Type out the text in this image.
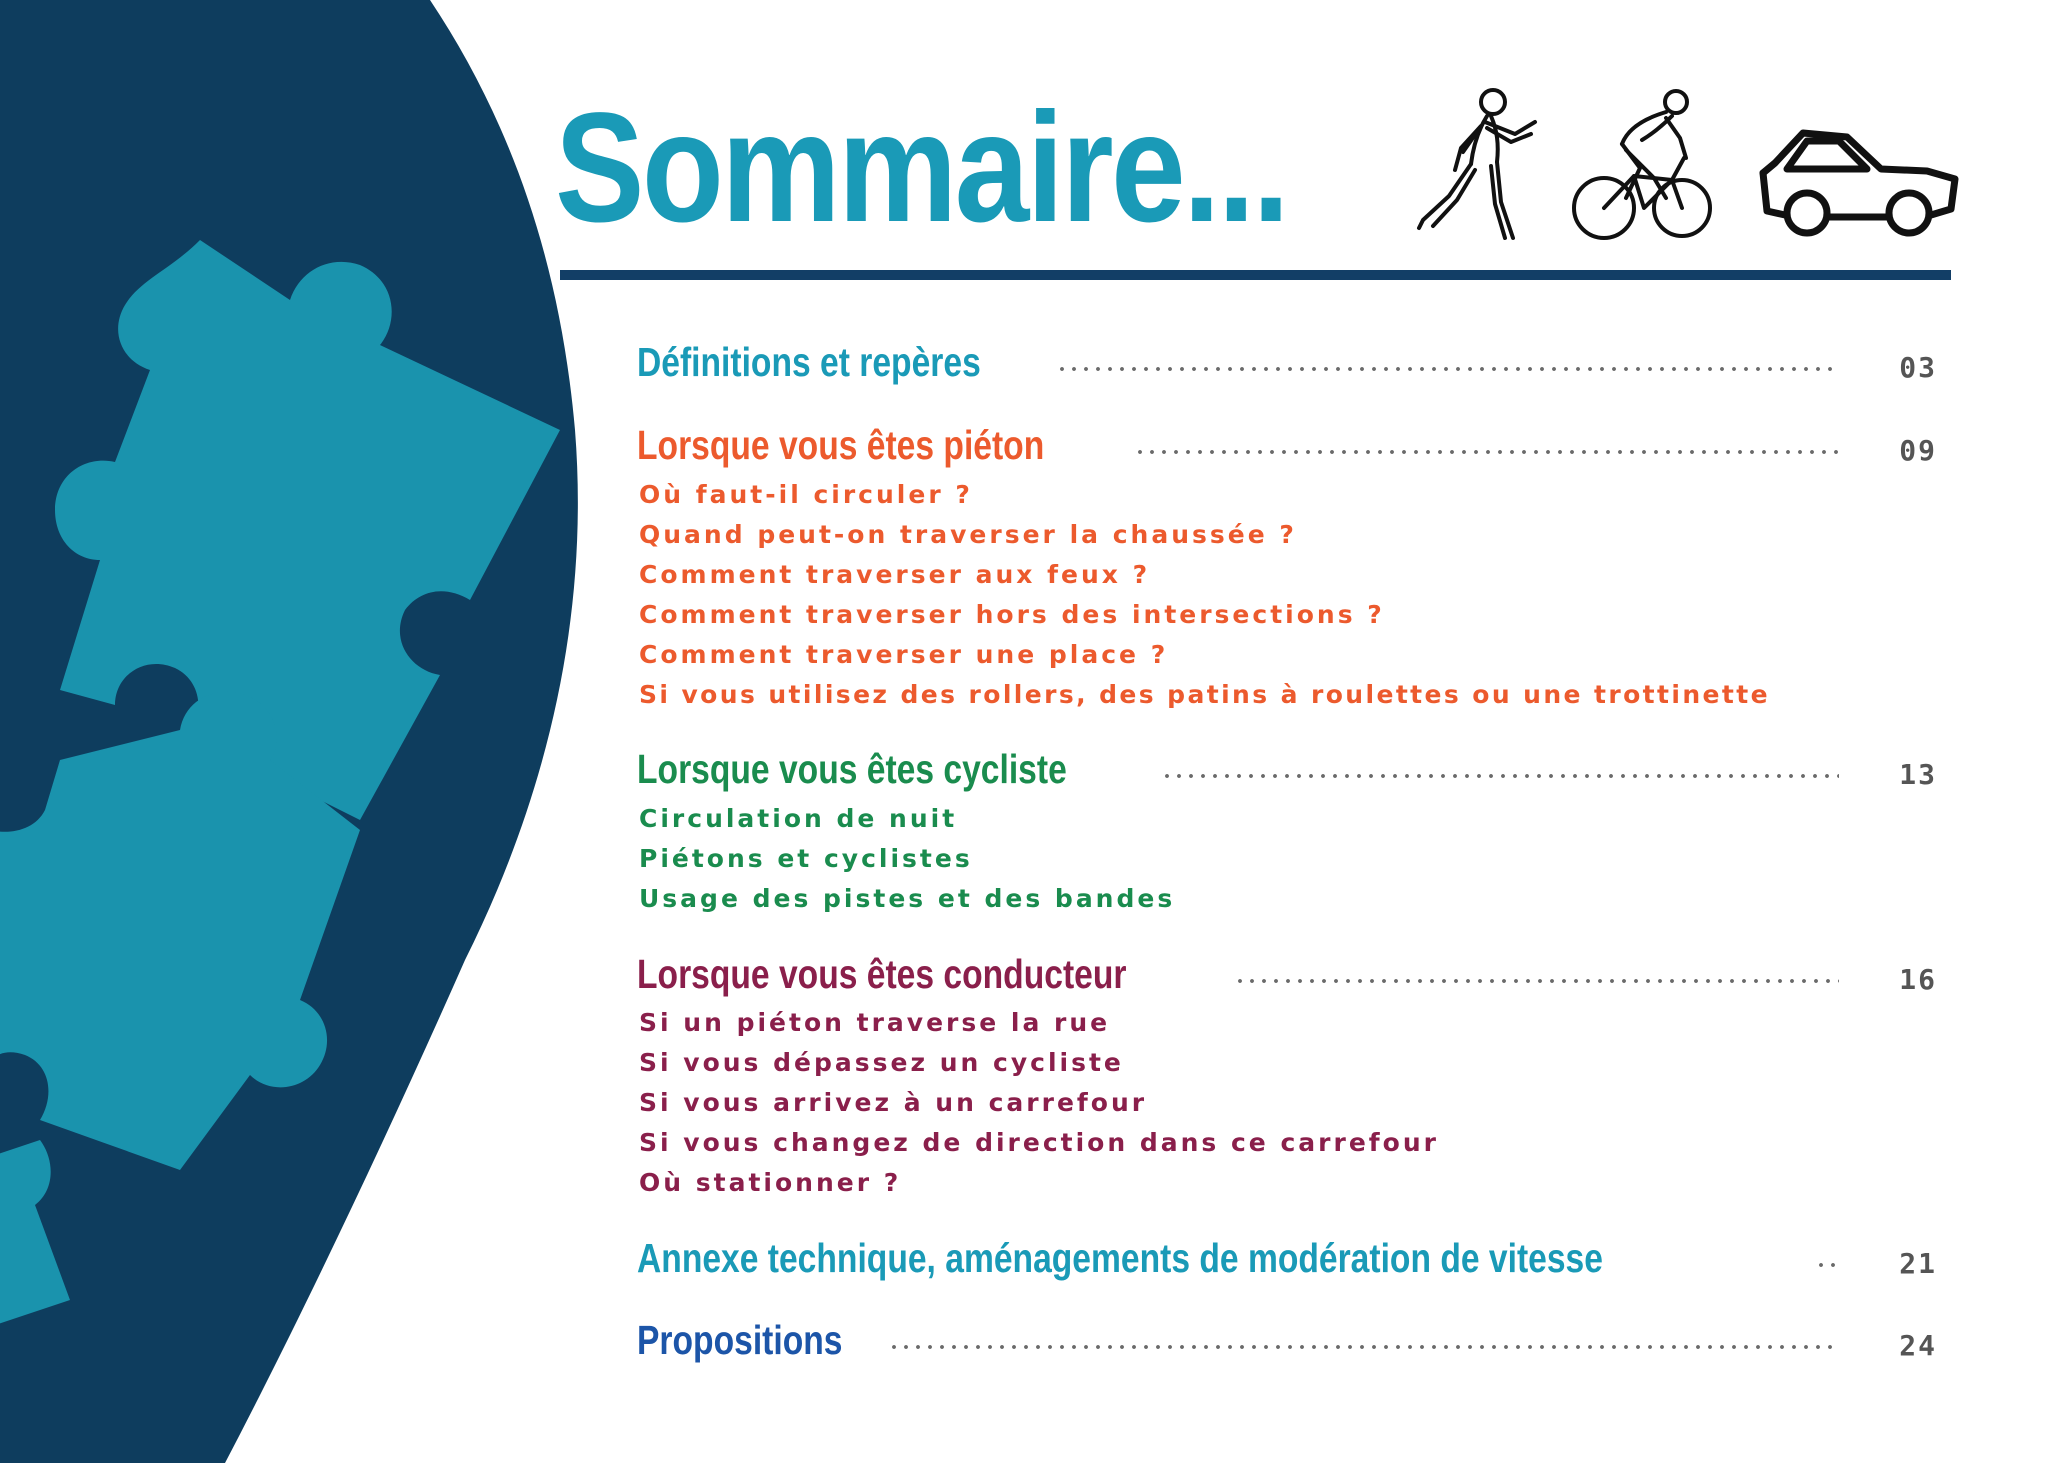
Sommaire...
Définitions et repères	03
Lorsque vous êtes piéton	09

Où faut-il circuler ?

Quand peut-on traverser la chaussée ?

Comment traverser aux feux ?

Comment traverser hors des intersections ?

Comment traverser une place ?

Si vous utilisez des rollers, des patins à roulettes ou une trottinette

Lorsque vous êtes cycliste	13

Circulation de nuit

Piétons et cyclistes

Usage des pistes et des bandes

Lorsque vous êtes conducteur	16

Si un piéton traverse la rue

Si vous dépassez un cycliste

Si vous arrivez à un carrefour

Si vous changez de direction dans ce carrefour

Où stationner ?

Annexe technique, aménagements de modération de vitesse	21
Propositions	24
